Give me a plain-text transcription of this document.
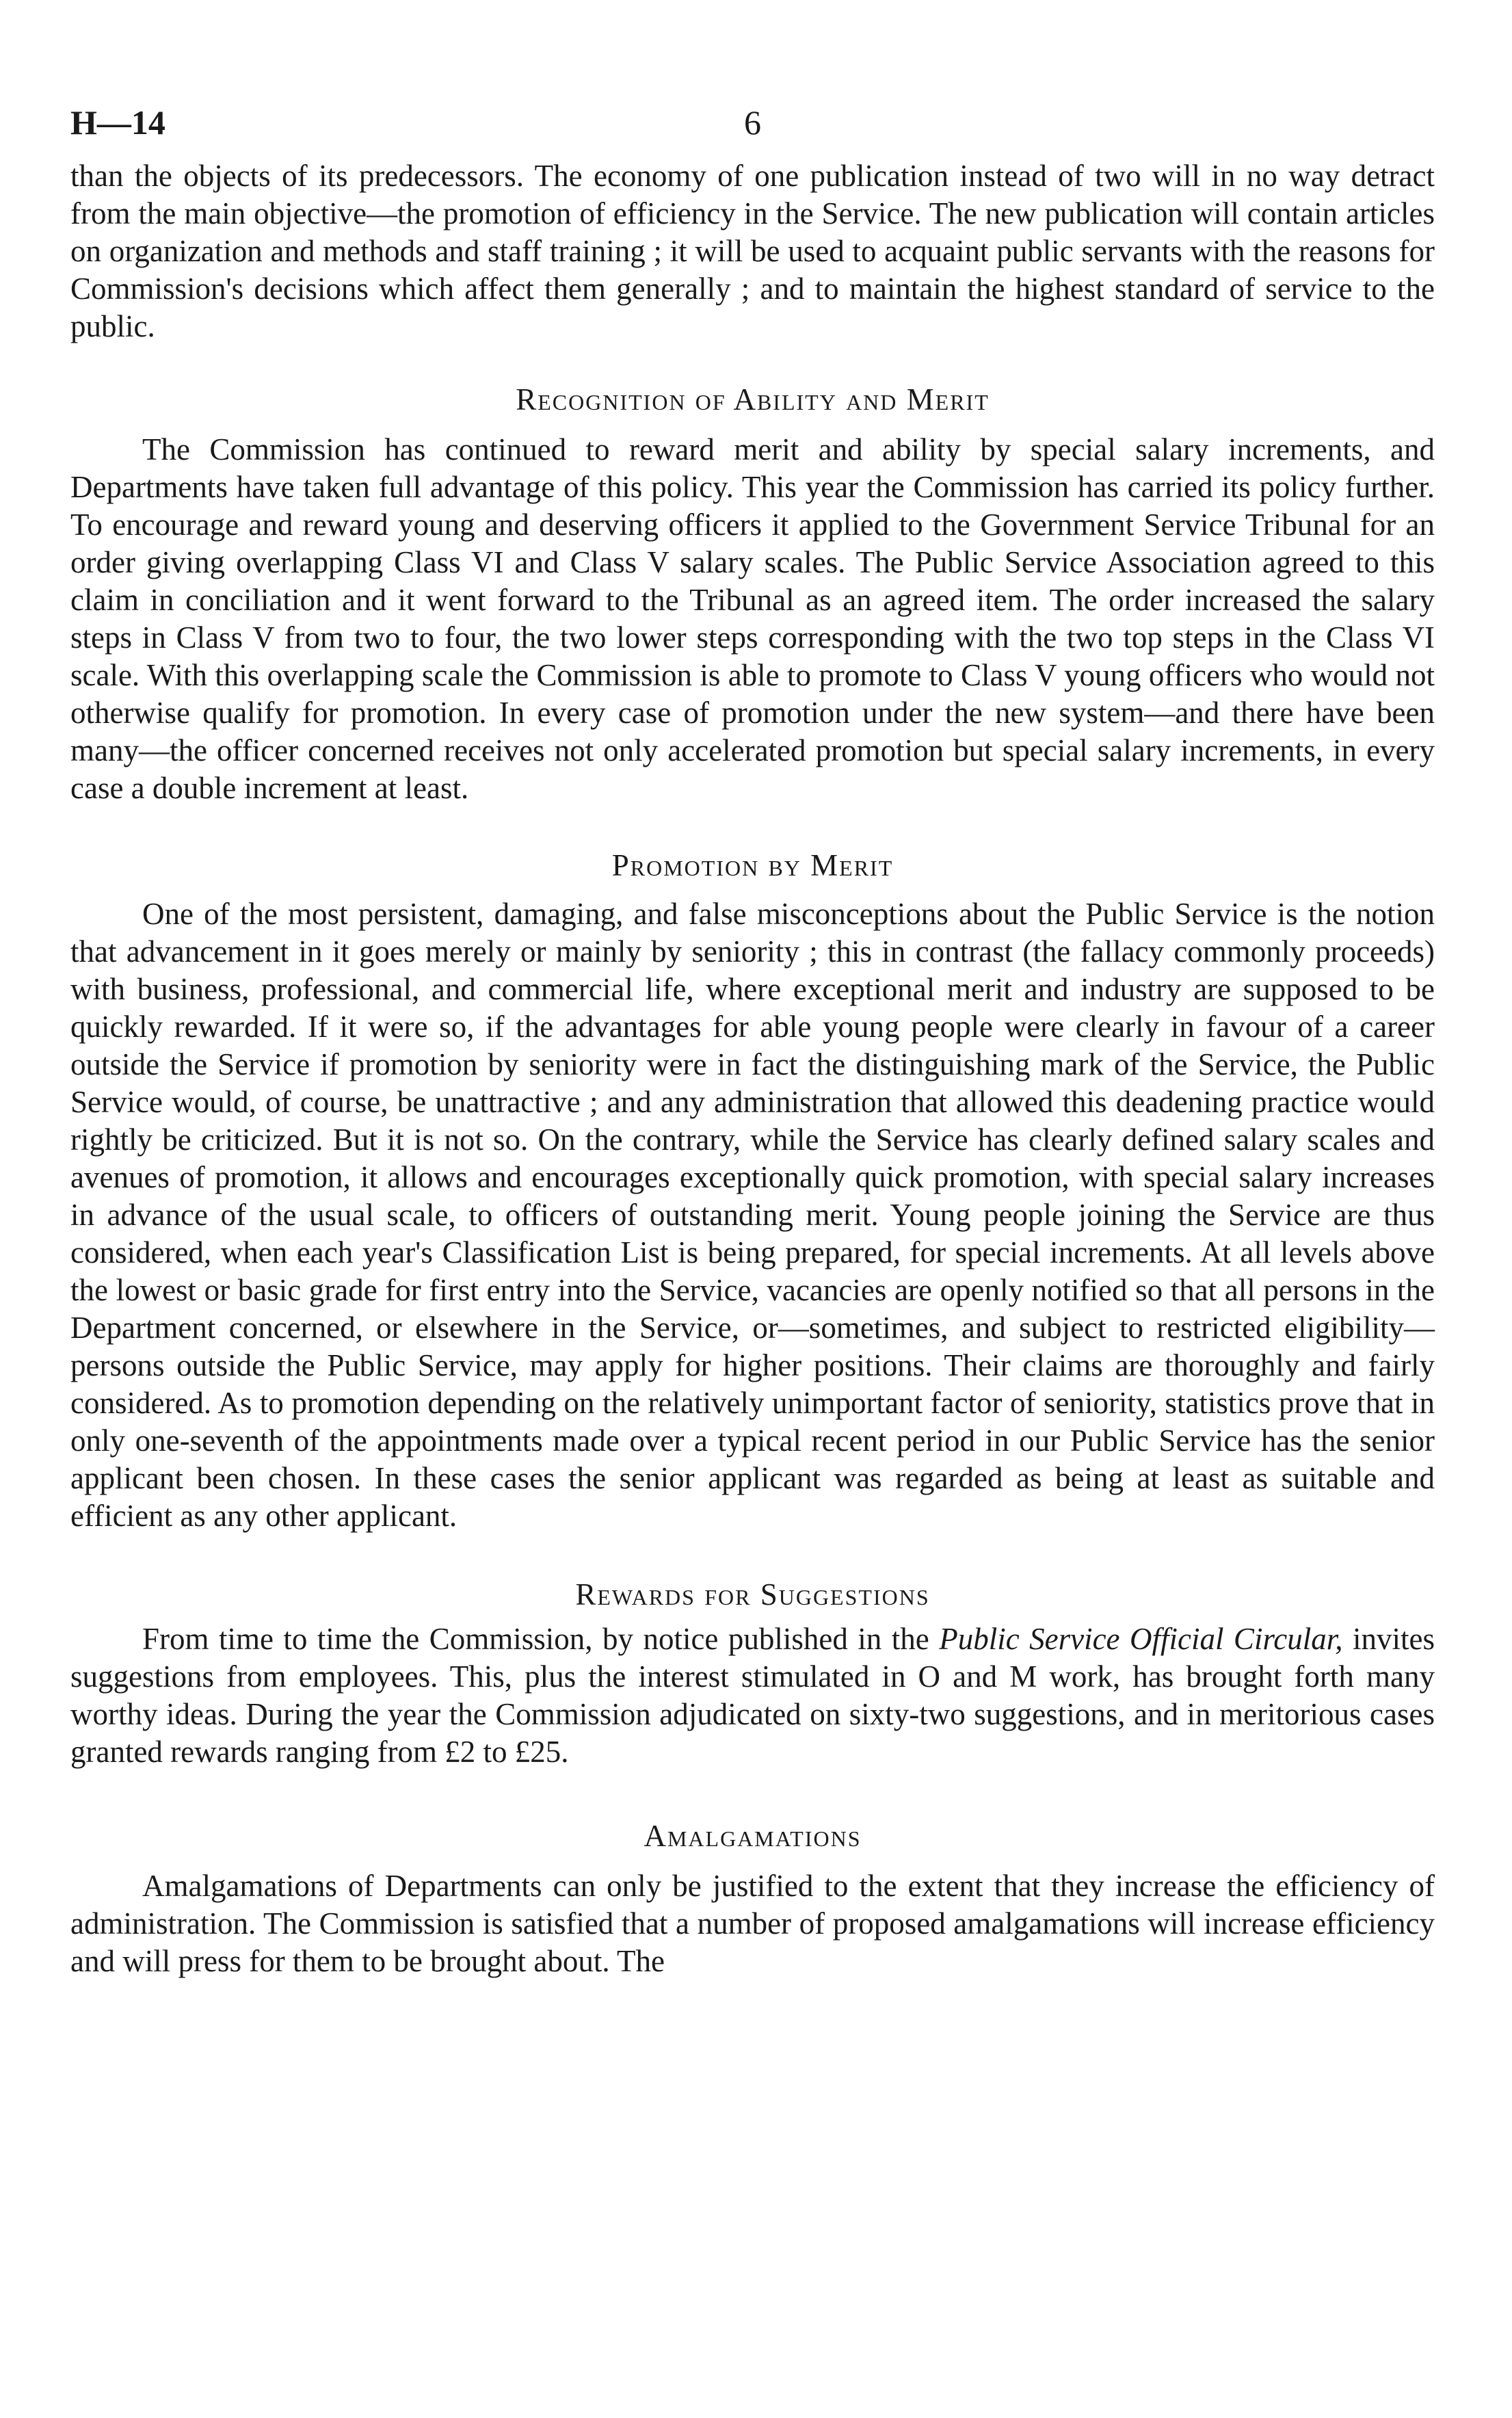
H—14	6

than the objects of its predecessors. The economy of one publication instead of two will in no way detract from the main objective—the promotion of efficiency in the Service. The new publication will contain articles on organization and methods and staff training ; it will be used to acquaint public servants with the reasons for Commission's decisions which affect them generally ; and to maintain the highest standard of service to the public.

Recognition of Ability and Merit

The Commission has continued to reward merit and ability by special salary increments, and Departments have taken full advantage of this policy. This year the Commission has carried its policy further. To encourage and reward young and deserving officers it applied to the Government Service Tribunal for an order giving overlapping Class VI and Class V salary scales. The Public Service Association agreed to this claim in conciliation and it went forward to the Tribunal as an agreed item. The order increased the salary steps in Class V from two to four, the two lower steps corresponding with the two top steps in the Class VI scale. With this overlapping scale the Commission is able to promote to Class V young officers who would not otherwise qualify for promotion. In every case of promotion under the new system—and there have been many—the officer concerned receives not only accelerated promotion but special salary increments, in every case a double increment at least.

Promotion by Merit

One of the most persistent, damaging, and false misconceptions about the Public Service is the notion that advancement in it goes merely or mainly by seniority ; this in contrast (the fallacy commonly proceeds) with business, professional, and commercial life, where exceptional merit and industry are supposed to be quickly rewarded. If it were so, if the advantages for able young people were clearly in favour of a career outside the Service if promotion by seniority were in fact the distinguishing mark of the Service, the Public Service would, of course, be unattractive ; and any administration that allowed this deadening practice would rightly be criticized. But it is not so. On the contrary, while the Service has clearly defined salary scales and avenues of promotion, it allows and encourages exceptionally quick promotion, with special salary increases in advance of the usual scale, to officers of outstanding merit. Young people joining the Service are thus considered, when each year's Classification List is being prepared, for special increments. At all levels above the lowest or basic grade for first entry into the Service, vacancies are openly notified so that all persons in the Department concerned, or elsewhere in the Service, or—sometimes, and subject to restricted eligibility—persons outside the Public Service, may apply for higher positions. Their claims are thoroughly and fairly considered. As to promotion depending on the relatively unimportant factor of seniority, statistics prove that in only one-seventh of the appointments made over a typical recent period in our Public Service has the senior applicant been chosen. In these cases the senior applicant was regarded as being at least as suitable and efficient as any other applicant.

Rewards for Suggestions

From time to time the Commission, by notice published in the Public Service Official Circular, invites suggestions from employees. This, plus the interest stimulated in O and M work, has brought forth many worthy ideas. During the year the Commission adjudicated on sixty-two suggestions, and in meritorious cases granted rewards ranging from £2 to £25.

Amalgamations

Amalgamations of Departments can only be justified to the extent that they increase the efficiency of administration. The Commission is satisfied that a number of proposed amalgamations will increase efficiency and will press for them to be brought about. The
